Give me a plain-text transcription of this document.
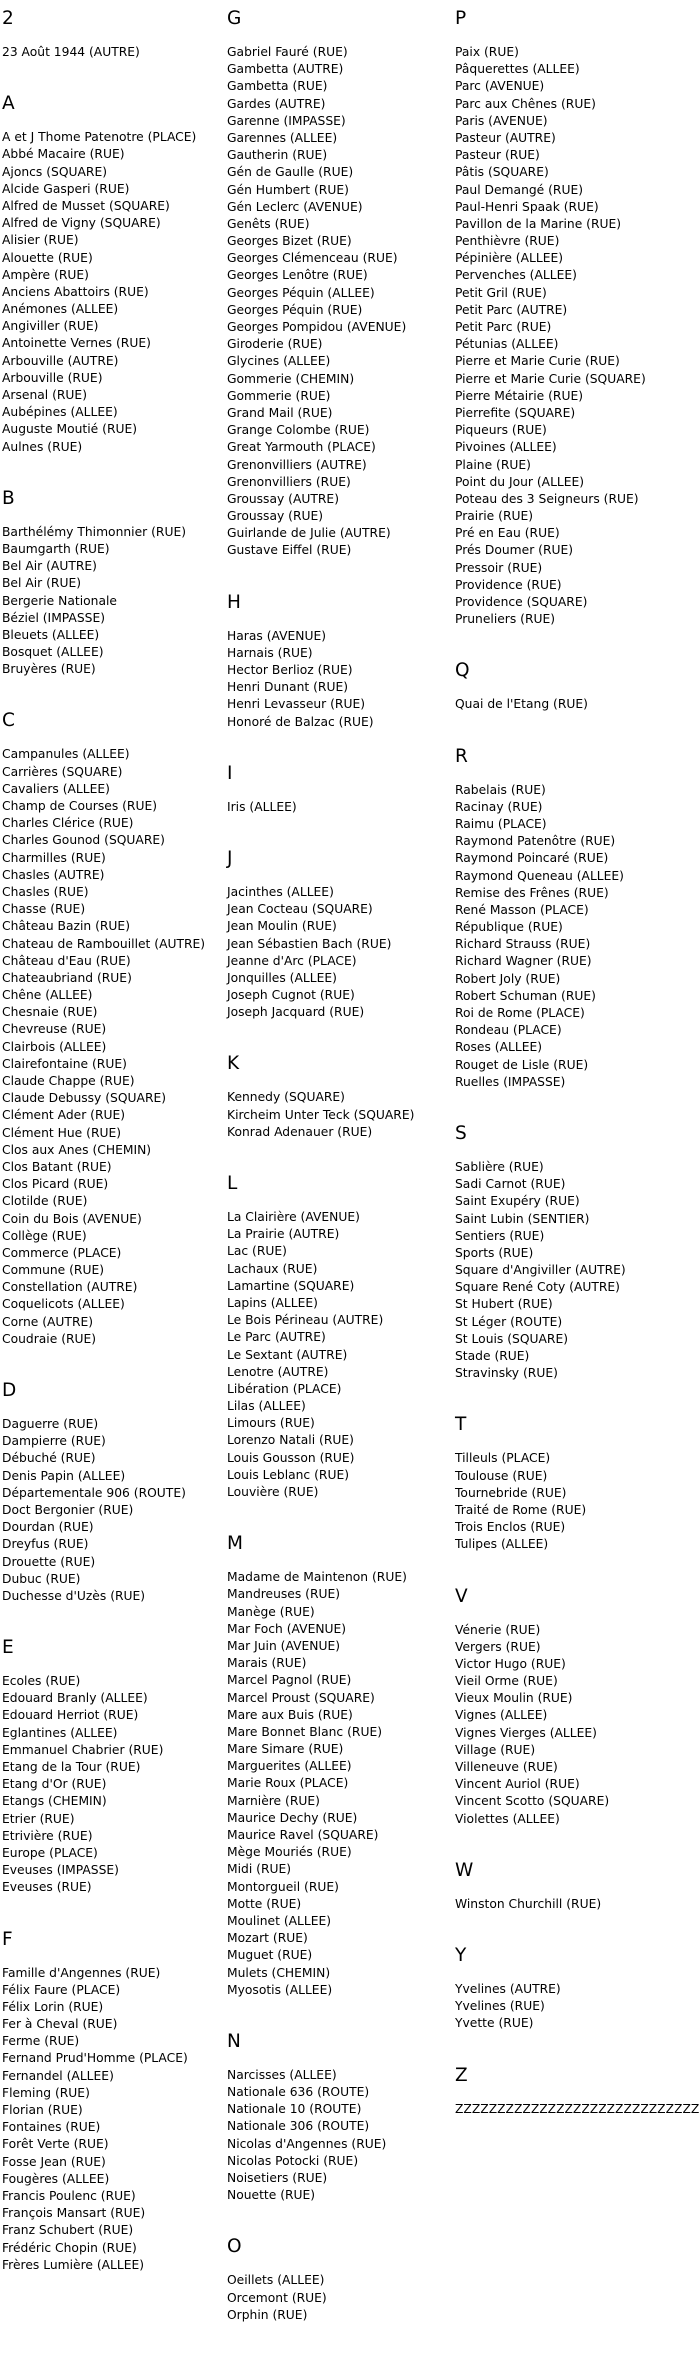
2
23 Août 1944 (AUTRE)
A
A et J Thome Patenotre (PLACE)
Abbé Macaire (RUE)
Ajoncs (SQUARE)
Alcide Gasperi (RUE)
Alfred de Musset (SQUARE)
Alfred de Vigny (SQUARE)
Alisier (RUE)
Alouette (RUE)
Ampère (RUE)
Anciens Abattoirs (RUE)
Anémones (ALLEE)
Angiviller (RUE)
Antoinette Vernes (RUE)
Arbouville (AUTRE)
Arbouville (RUE)
Arsenal (RUE)
Aubépines (ALLEE)
Auguste Moutié (RUE)
Aulnes (RUE)
B
Barthélémy Thimonnier (RUE)
Baumgarth (RUE)
Bel Air (AUTRE)
Bel Air (RUE)
Bergerie Nationale
Béziel (IMPASSE)
Bleuets (ALLEE)
Bosquet (ALLEE)
Bruyères (RUE)
C
Campanules (ALLEE)
Carrières (SQUARE)
Cavaliers (ALLEE)
Champ de Courses (RUE)
Charles Clérice (RUE)
Charles Gounod (SQUARE)
Charmilles (RUE)
Chasles (AUTRE)
Chasles (RUE)
Chasse (RUE)
Château Bazin (RUE)
Chateau de Rambouillet (AUTRE)
Château d'Eau (RUE)
Chateaubriand (RUE)
Chêne (ALLEE)
Chesnaie (RUE)
Chevreuse (RUE)
Clairbois (ALLEE)
Clairefontaine (RUE)
Claude Chappe (RUE)
Claude Debussy (SQUARE)
Clément Ader (RUE)
Clément Hue (RUE)
Clos aux Anes (CHEMIN)
Clos Batant (RUE)
Clos Picard (RUE)
Clotilde (RUE)
Coin du Bois (AVENUE)
Collège (RUE)
Commerce (PLACE)
Commune (RUE)
Constellation (AUTRE)
Coquelicots (ALLEE)
Corne (AUTRE)
Coudraie (RUE)
D
Daguerre (RUE)
Dampierre (RUE)
Débuché (RUE)
Denis Papin (ALLEE)
Départementale 906 (ROUTE)
Doct Bergonier (RUE)
Dourdan (RUE)
Dreyfus (RUE)
Drouette (RUE)
Dubuc (RUE)
Duchesse d'Uzès (RUE)
E
Ecoles (RUE)
Edouard Branly (ALLEE)
Edouard Herriot (RUE)
Eglantines (ALLEE)
Emmanuel Chabrier (RUE)
Etang de la Tour (RUE)
Etang d'Or (RUE)
Etangs (CHEMIN)
Etrier (RUE)
Etrivière (RUE)
Europe (PLACE)
Eveuses (IMPASSE)
Eveuses (RUE)
F
Famille d'Angennes (RUE)
Félix Faure (PLACE)
Félix Lorin (RUE)
Fer à Cheval (RUE)
Ferme (RUE)
Fernand Prud'Homme (PLACE)
Fernandel (ALLEE)
Fleming (RUE)
Florian (RUE)
Fontaines (RUE)
Forêt Verte (RUE)
Fosse Jean (RUE)
Fougères (ALLEE)
Francis Poulenc (RUE)
François Mansart (RUE)
Franz Schubert (RUE)
Frédéric Chopin (RUE)
Frères Lumière (ALLEE)
G
Gabriel Fauré (RUE)
Gambetta (AUTRE)
Gambetta (RUE)
Gardes (AUTRE)
Garenne (IMPASSE)
Garennes (ALLEE)
Gautherin (RUE)
Gén de Gaulle (RUE)
Gén Humbert (RUE)
Gén Leclerc (AVENUE)
Genêts (RUE)
Georges Bizet (RUE)
Georges Clémenceau (RUE)
Georges Lenôtre (RUE)
Georges Péquin (ALLEE)
Georges Péquin (RUE)
Georges Pompidou (AVENUE)
Giroderie (RUE)
Glycines (ALLEE)
Gommerie (CHEMIN)
Gommerie (RUE)
Grand Mail (RUE)
Grange Colombe (RUE)
Great Yarmouth (PLACE)
Grenonvilliers (AUTRE)
Grenonvilliers (RUE)
Groussay (AUTRE)
Groussay (RUE)
Guirlande de Julie (AUTRE)
Gustave Eiffel (RUE)
H
Haras (AVENUE)
Harnais (RUE)
Hector Berlioz (RUE)
Henri Dunant (RUE)
Henri Levasseur (RUE)
Honoré de Balzac (RUE)
I
Iris (ALLEE)
J
Jacinthes (ALLEE)
Jean Cocteau (SQUARE)
Jean Moulin (RUE)
Jean Sébastien Bach (RUE)
Jeanne d'Arc (PLACE)
Jonquilles (ALLEE)
Joseph Cugnot (RUE)
Joseph Jacquard (RUE)
K
Kennedy (SQUARE)
Kircheim Unter Teck (SQUARE)
Konrad Adenauer (RUE)
L
La Clairière (AVENUE)
La Prairie (AUTRE)
Lac (RUE)
Lachaux (RUE)
Lamartine (SQUARE)
Lapins (ALLEE)
Le Bois Périneau (AUTRE)
Le Parc (AUTRE)
Le Sextant (AUTRE)
Lenotre (AUTRE)
Libération (PLACE)
Lilas (ALLEE)
Limours (RUE)
Lorenzo Natali (RUE)
Louis Gousson (RUE)
Louis Leblanc (RUE)
Louvière (RUE)
M
Madame de Maintenon (RUE)
Mandreuses (RUE)
Manège (RUE)
Mar Foch (AVENUE)
Mar Juin (AVENUE)
Marais (RUE)
Marcel Pagnol (RUE)
Marcel Proust (SQUARE)
Mare aux Buis (RUE)
Mare Bonnet Blanc (RUE)
Mare Simare (RUE)
Marguerites (ALLEE)
Marie Roux (PLACE)
Marnière (RUE)
Maurice Dechy (RUE)
Maurice Ravel (SQUARE)
Mège Mouriés (RUE)
Midi (RUE)
Montorgueil (RUE)
Motte (RUE)
Moulinet (ALLEE)
Mozart (RUE)
Muguet (RUE)
Mulets (CHEMIN)
Myosotis (ALLEE)
N
Narcisses (ALLEE)
Nationale 636 (ROUTE)
Nationale 10 (ROUTE)
Nationale 306 (ROUTE)
Nicolas d'Angennes (RUE)
Nicolas Potocki (RUE)
Noisetiers (RUE)
Nouette (RUE)
O
Oeillets (ALLEE)
Orcemont (RUE)
Orphin (RUE)
P
Paix (RUE)
Pâquerettes (ALLEE)
Parc (AVENUE)
Parc aux Chênes (RUE)
Paris (AVENUE)
Pasteur (AUTRE)
Pasteur (RUE)
Pâtis (SQUARE)
Paul Demangé (RUE)
Paul-Henri Spaak (RUE)
Pavillon de la Marine (RUE)
Penthièvre (RUE)
Pépinière (ALLEE)
Pervenches (ALLEE)
Petit Gril (RUE)
Petit Parc (AUTRE)
Petit Parc (RUE)
Pétunias (ALLEE)
Pierre et Marie Curie (RUE)
Pierre et Marie Curie (SQUARE)
Pierre Métairie (RUE)
Pierrefite (SQUARE)
Piqueurs (RUE)
Pivoines (ALLEE)
Plaine (RUE)
Point du Jour (ALLEE)
Poteau des 3 Seigneurs (RUE)
Prairie (RUE)
Pré en Eau (RUE)
Prés Doumer (RUE)
Pressoir (RUE)
Providence (RUE)
Providence (SQUARE)
Pruneliers (RUE)
Q
Quai de l'Etang (RUE)
R
Rabelais (RUE)
Racinay (RUE)
Raimu (PLACE)
Raymond Patenôtre (RUE)
Raymond Poincaré (RUE)
Raymond Queneau (ALLEE)
Remise des Frênes (RUE)
René Masson (PLACE)
République (RUE)
Richard Strauss (RUE)
Richard Wagner (RUE)
Robert Joly (RUE)
Robert Schuman (RUE)
Roi de Rome (PLACE)
Rondeau (PLACE)
Roses (ALLEE)
Rouget de Lisle (RUE)
Ruelles (IMPASSE)
S
Sablière (RUE)
Sadi Carnot (RUE)
Saint Exupéry (RUE)
Saint Lubin (SENTIER)
Sentiers (RUE)
Sports (RUE)
Square d'Angiviller (AUTRE)
Square René Coty (AUTRE)
St Hubert (RUE)
St Léger (ROUTE)
St Louis (SQUARE)
Stade (RUE)
Stravinsky (RUE)
T
Tilleuls (PLACE)
Toulouse (RUE)
Tournebride (RUE)
Traité de Rome (RUE)
Trois Enclos (RUE)
Tulipes (ALLEE)
V
Vénerie (RUE)
Vergers (RUE)
Victor Hugo (RUE)
Vieil Orme (RUE)
Vieux Moulin (RUE)
Vignes (ALLEE)
Vignes Vierges (ALLEE)
Village (RUE)
Villeneuve (RUE)
Vincent Auriol (RUE)
Vincent Scotto (SQUARE)
Violettes (ALLEE)
W
Winston Churchill (RUE)
Y
Yvelines (AUTRE)
Yvelines (RUE)
Yvette (RUE)
Z
ZZZZZZZZZZZZZZZZZZZZZZZZZZZZZ
